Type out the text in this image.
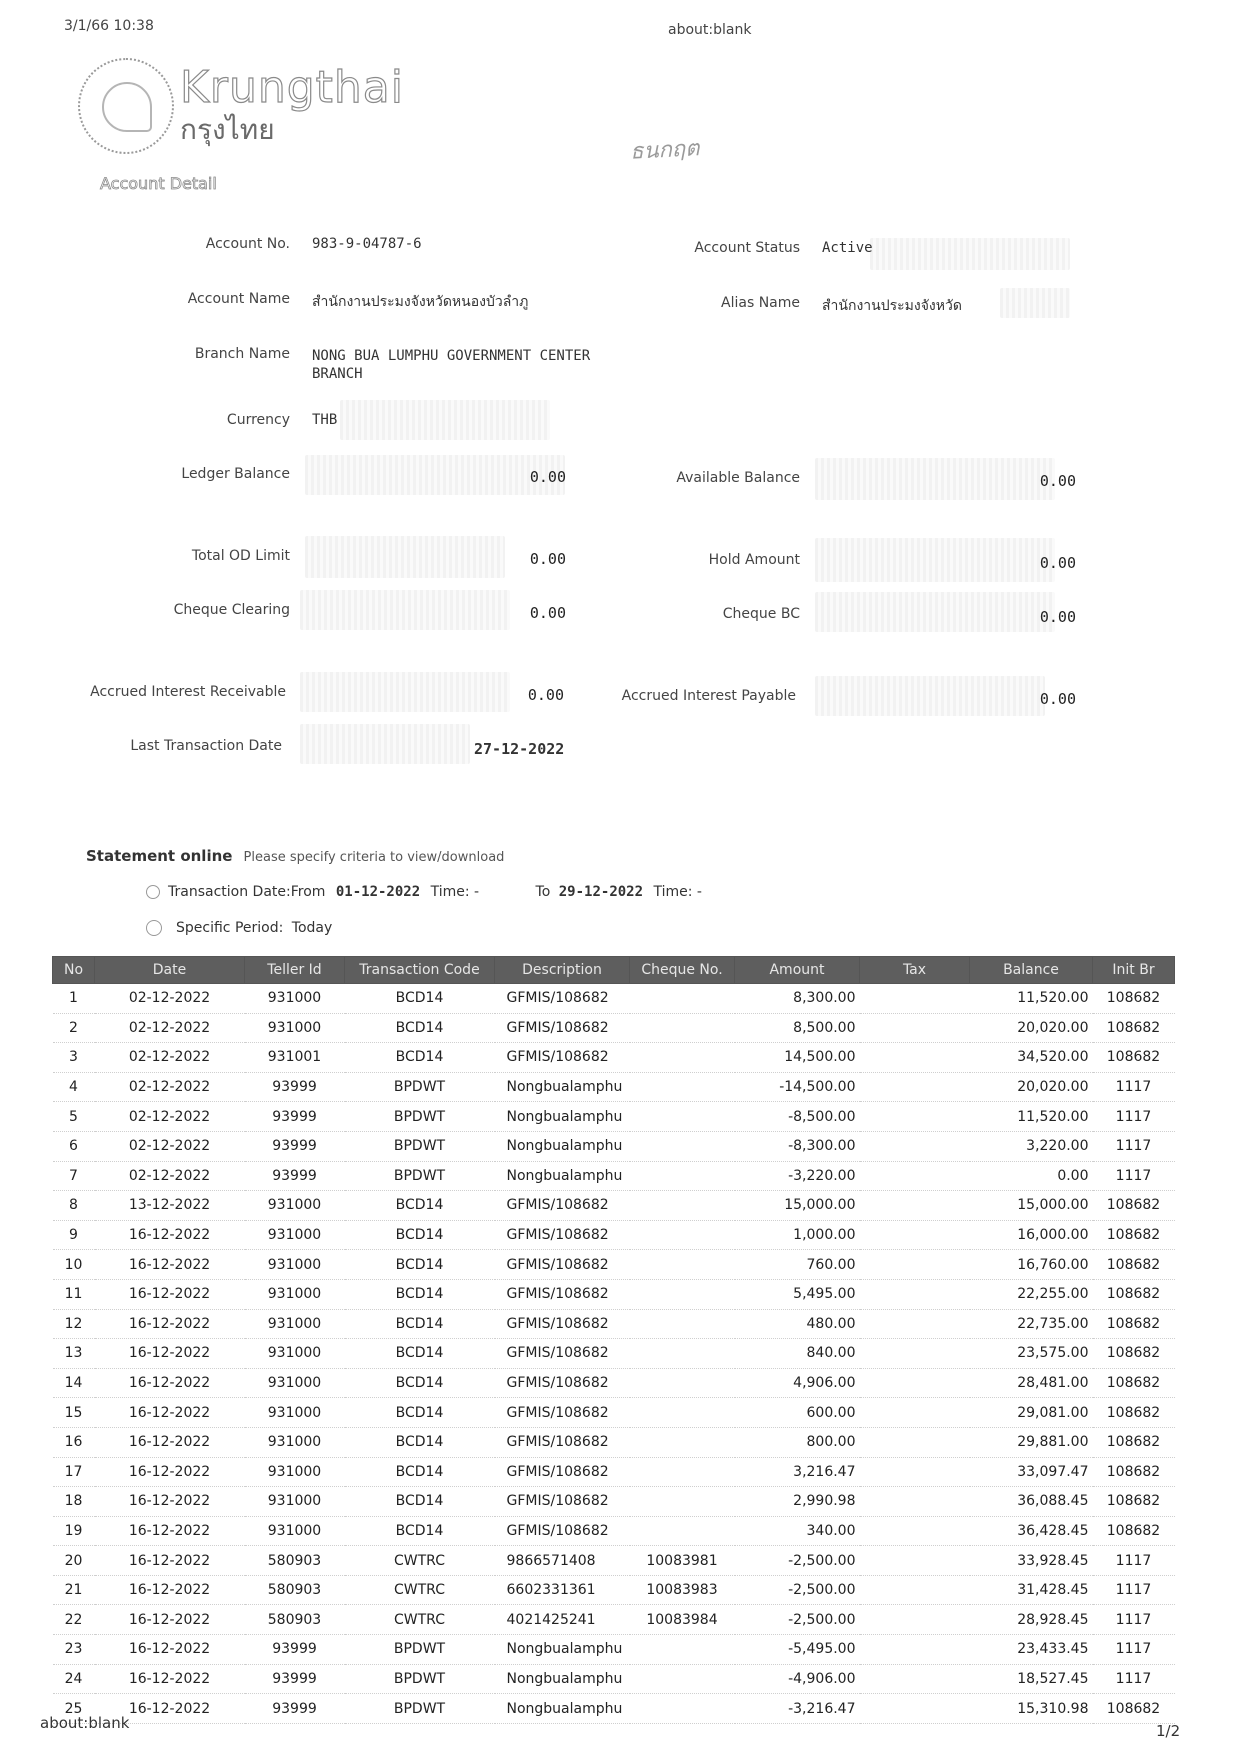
3/1/66 10:38	about:blank
Krungthai
กรุงไทย
ธนกฤต
Account Detail
Account No. 983-9-04787-6	Account Status Active
Account Name สำนักงานประมงจังหวัดหนองบัวลำภู	Alias Name สำนักงานประมงจังหวัด
Branch Name NONG BUA LUMPHU GOVERNMENT CENTER
BRANCH
Currency THB
Ledger Balance	0.00	Available Balance	0.00
Total OD Limit	0.00	Hold Amount	0.00
Cheque Clearing	0.00	Cheque BC	0.00
Accrued Interest Receivable	0.00	Accrued Interest Payable	0.00
Last Transaction Date	27-12-2022
Statement online Please specify criteria to view/download
Transaction Date:From 01-12-2022 Time: -	To 29-12-2022 Time: -
Specific Period: Today
No	Date	Teller Id	Transaction Code	Description	Cheque No.	Amount	Tax	Balance	Init Br
1	02-12-2022	931000	BCD14	GFMIS/108682		8,300.00		11,520.00	108682
2	02-12-2022	931000	BCD14	GFMIS/108682		8,500.00		20,020.00	108682
3	02-12-2022	931001	BCD14	GFMIS/108682		14,500.00		34,520.00	108682
4	02-12-2022	93999	BPDWT	Nongbualamphu		-14,500.00		20,020.00	1117
5	02-12-2022	93999	BPDWT	Nongbualamphu		-8,500.00		11,520.00	1117
6	02-12-2022	93999	BPDWT	Nongbualamphu		-8,300.00		3,220.00	1117
7	02-12-2022	93999	BPDWT	Nongbualamphu		-3,220.00		0.00	1117
8	13-12-2022	931000	BCD14	GFMIS/108682		15,000.00		15,000.00	108682
9	16-12-2022	931000	BCD14	GFMIS/108682		1,000.00		16,000.00	108682
10	16-12-2022	931000	BCD14	GFMIS/108682		760.00		16,760.00	108682
11	16-12-2022	931000	BCD14	GFMIS/108682		5,495.00		22,255.00	108682
12	16-12-2022	931000	BCD14	GFMIS/108682		480.00		22,735.00	108682
13	16-12-2022	931000	BCD14	GFMIS/108682		840.00		23,575.00	108682
14	16-12-2022	931000	BCD14	GFMIS/108682		4,906.00		28,481.00	108682
15	16-12-2022	931000	BCD14	GFMIS/108682		600.00		29,081.00	108682
16	16-12-2022	931000	BCD14	GFMIS/108682		800.00		29,881.00	108682
17	16-12-2022	931000	BCD14	GFMIS/108682		3,216.47		33,097.47	108682
18	16-12-2022	931000	BCD14	GFMIS/108682		2,990.98		36,088.45	108682
19	16-12-2022	931000	BCD14	GFMIS/108682		340.00		36,428.45	108682
20	16-12-2022	580903	CWTRC	9866571408	10083981	-2,500.00		33,928.45	1117
21	16-12-2022	580903	CWTRC	6602331361	10083983	-2,500.00		31,428.45	1117
22	16-12-2022	580903	CWTRC	4021425241	10083984	-2,500.00		28,928.45	1117
23	16-12-2022	93999	BPDWT	Nongbualamphu		-5,495.00		23,433.45	1117
24	16-12-2022	93999	BPDWT	Nongbualamphu		-4,906.00		18,527.45	1117
25	16-12-2022	93999	BPDWT	Nongbualamphu		-3,216.47		15,310.98	108682
about:blank	1/2
